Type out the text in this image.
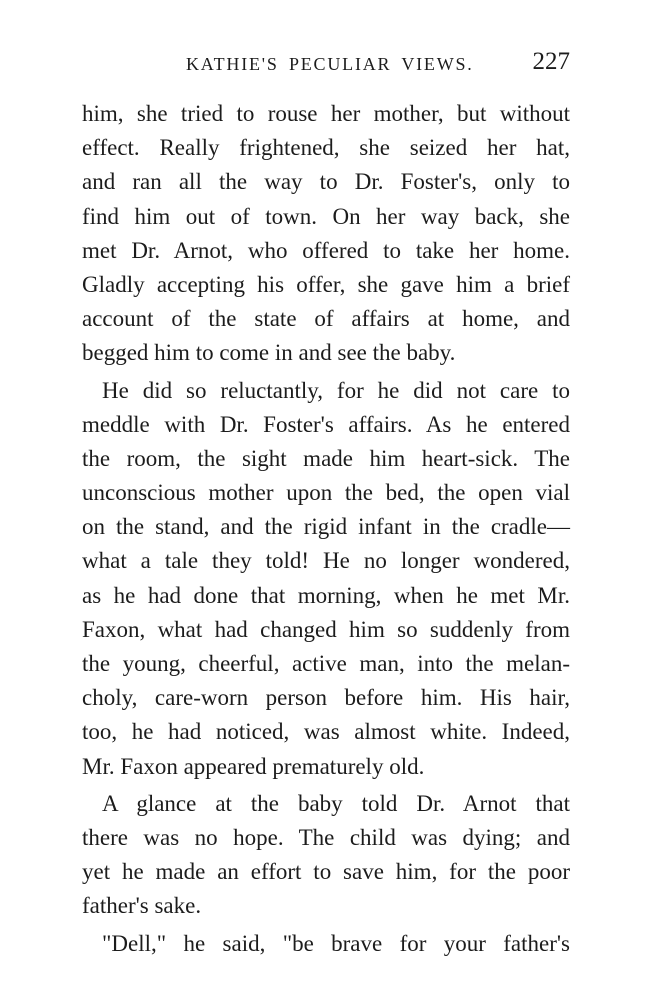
KATHIE'S PECULIAR VIEWS. 227
him, she tried to rouse her mother, but without
effect. Really frightened, she seized her hat,
and ran all the way to Dr. Foster's, only to
find him out of town. On her way back, she
met Dr. Arnot, who offered to take her home.
Gladly accepting his offer, she gave him a brief
account of the state of affairs at home, and
begged him to come in and see the baby.
He did so reluctantly, for he did not care to
meddle with Dr. Foster's affairs. As he entered
the room, the sight made him heart-sick. The
unconscious mother upon the bed, the open vial
on the stand, and the rigid infant in the cradle—
what a tale they told! He no longer wondered,
as he had done that morning, when he met Mr.
Faxon, what had changed him so suddenly from
the young, cheerful, active man, into the melan-
choly, care-worn person before him. His hair,
too, he had noticed, was almost white. Indeed,
Mr. Faxon appeared prematurely old.
A glance at the baby told Dr. Arnot that
there was no hope. The child was dying; and
yet he made an effort to save him, for the poor
father's sake.
"Dell," he said, "be brave for your father's
